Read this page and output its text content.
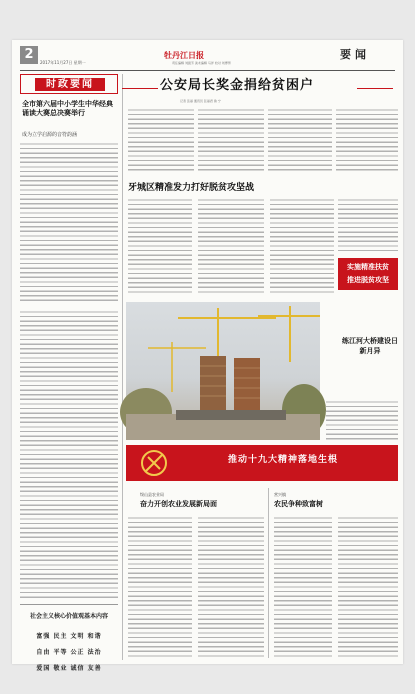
2
2017年11月27日 星期一
牡丹江日报
责任编辑 刘振芳 美术编辑 马洋 校对 刘博男
要闻
时政要闻
全市第六届中小学生中华经典诵读大赛总决赛举行
成为立学启源的音符韵涵
社会主义核心价值观基本内容
富强 民主 文明 和谐
自由 平等 公正 法治
爱国 敬业 诚信 友善
公安局长奖金捐给贫困户
记者 张丽 通讯员 张丽君 鲁 宁
牙城区精准发力打好脱贫攻坚战
实施精准扶贫
推进脱贫攻坚
练江河大桥建设日新月异
推动十九大精神落地生根
绥山县农业局
奋力开创农业发展新局面
营兴镇
农民争种致富树
